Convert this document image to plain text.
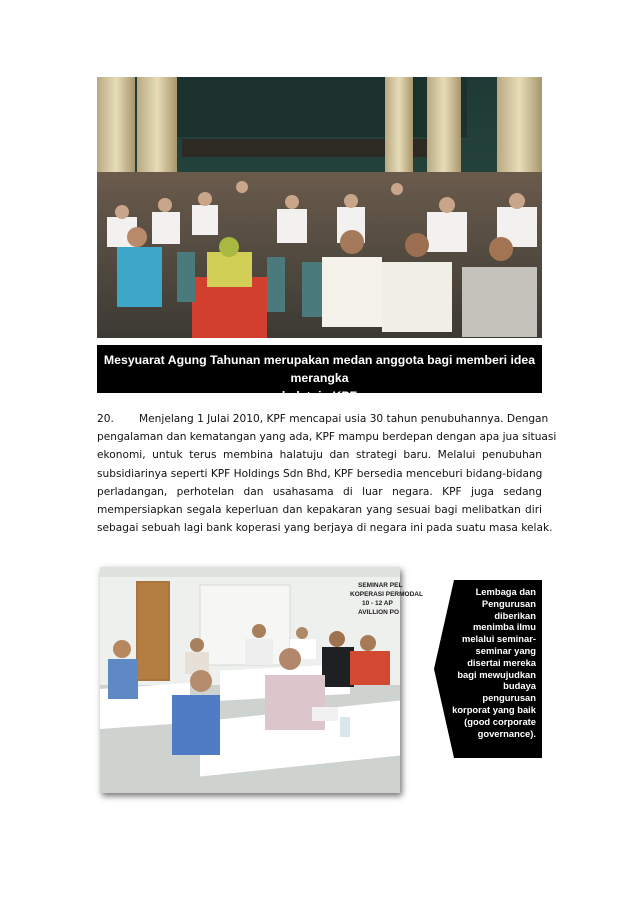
Mesyuarat Agung Tahunan merupakan medan anggota bagi memberi idea merangka
halatuju KPF
20. Menjelang 1 Julai 2010, KPF mencapai usia 30 tahun penubuhannya. Dengan
pengalaman dan kematangan yang ada, KPF mampu berdepan dengan apa jua situasi
ekonomi, untuk terus membina halatuju dan strategi baru. Melalui penubuhan
subsidiarinya seperti KPF Holdings Sdn Bhd, KPF bersedia menceburi bidang-bidang
perladangan, perhotelan dan usahasama di luar negara. KPF juga sedang
mempersiapkan segala keperluan dan kepakaran yang sesuai bagi melibatkan diri
sebagai sebuah lagi bank koperasi yang berjaya di negara ini pada suatu masa kelak.
SEMINAR PEL
KOPERASI PERMODAL
10 - 12 AP
AVILLION PO
Lembaga dan
Pengurusan
diberikan
menimba ilmu
melalui seminar-
seminar yang
disertai mereka
bagi mewujudkan
budaya
pengurusan
korporat yang baik
(good corporate
governance).
